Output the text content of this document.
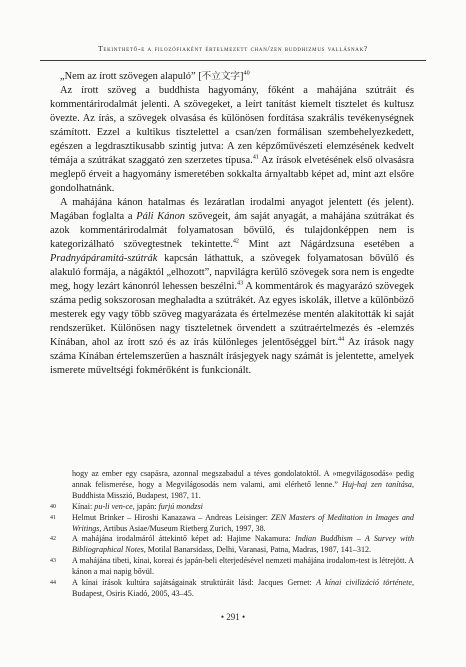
Tekinthető-e a filozófiaként értelmezett chan/zen buddhizmus vallásnak?

„Nem az írott szövegen alapuló” [不立文字]$^{40}$

Az írott szöveg a buddhista hagyomány, főként a mahájána szútráit és kommentárirodalmát jelenti. A szövegeket, a leírt tanítást kiemelt tisztelet és kultusz övezte. Az írás, a szövegek olvasása és különösen fordítása szakrális tevékenységnek számított. Ezzel a kultikus tisztelettel a csan/zen formálisan szembehelyezkedett, egészen a legdrasztikusabb szintig jutva: A zen képzőművészeti elemzésének kedvelt témája a szútrákat szaggató zen szerzetes típusa.$^{41}$ Az írások elvetésének első olvasásra meglepő érveit a hagyomány ismeretében sokkalta árnyaltabb képet ad, mint azt elsőre gondolhatnánk.

A mahájána kánon hatalmas és lezáratlan irodalmi anyagot jelentett (és jelent). Magában foglalta a Páli Kánon szövegeit, ám saját anyagát, a mahájána szútrákat és azok kommentárirodalmát folyamatosan bővülő, és tulajdonképpen nem is kategorizálható szövegtestnek tekintette.$^{42}$ Mint azt Nágárdzsuna esetében a Pradnyápáramitá-szútrák kapcsán láthattuk, a szövegek folyamatosan bővülő és alakuló formája, a nágáktól „elhozott”, napvilágra kerülő szövegek sora nem is engedte meg, hogy lezárt kánonról lehessen beszélni.$^{43}$ A kommentárok és magyarázó szövegek száma pedig sokszorosan meghaladta a szútrákét. Az egyes iskolák, illetve a különböző mesterek egy vagy több szöveg magyarázata és értelmezése mentén alakították ki saját rendszerüket. Különösen nagy tiszteletnek örvendett a szútraértelmezés és -elemzés Kínában, ahol az írott szó és az írás különleges jelentőséggel bírt.$^{44}$ Az írások nagy száma Kínában értelemszerűen a használt írásjegyek nagy számát is jelentette, amelyek ismerete műveltségi fokmérőként is funkcionált.

hogy az ember egy csapásra, azonnal megszabadul a téves gondolatoktól. A »megvilágosodás« pedig annak felismerése, hogy a Megvilágosodás nem valami, ami elérhető lenne.” Huj-haj zen tanítása, Buddhista Misszió, Budapest, 1987, 11.
40 Kínai: pu-li ven-ce, japán: furjú mondzsi
41 Helmut Brinker – Hiroshi Kanazawa – Andreas Leisinger: ZEN Masters of Meditation in Images and Writings, Artibus Asiae/Museum Rietberg Zurich, 1997, 38.
42 A mahájána irodalmáról áttekintő képet ad: Hajime Nakamura: Indian Buddhism – A Survey with Bibliographical Notes, Motilal Banarsidass, Delhi, Varanasi, Patna, Madras, 1987, 141–312.
43 A mahájána tibeti, kínai, koreai és japán-beli elterjedésével nemzeti mahájána irodalom-test is létrejött. A kánon a mai napig bővül.
44 A kínai írások kultúra sajátságainak struktúráit lásd: Jacques Gernet: A kínai civilizáció története, Budapest, Osiris Kiadó, 2005, 43–45.
• 291 •
